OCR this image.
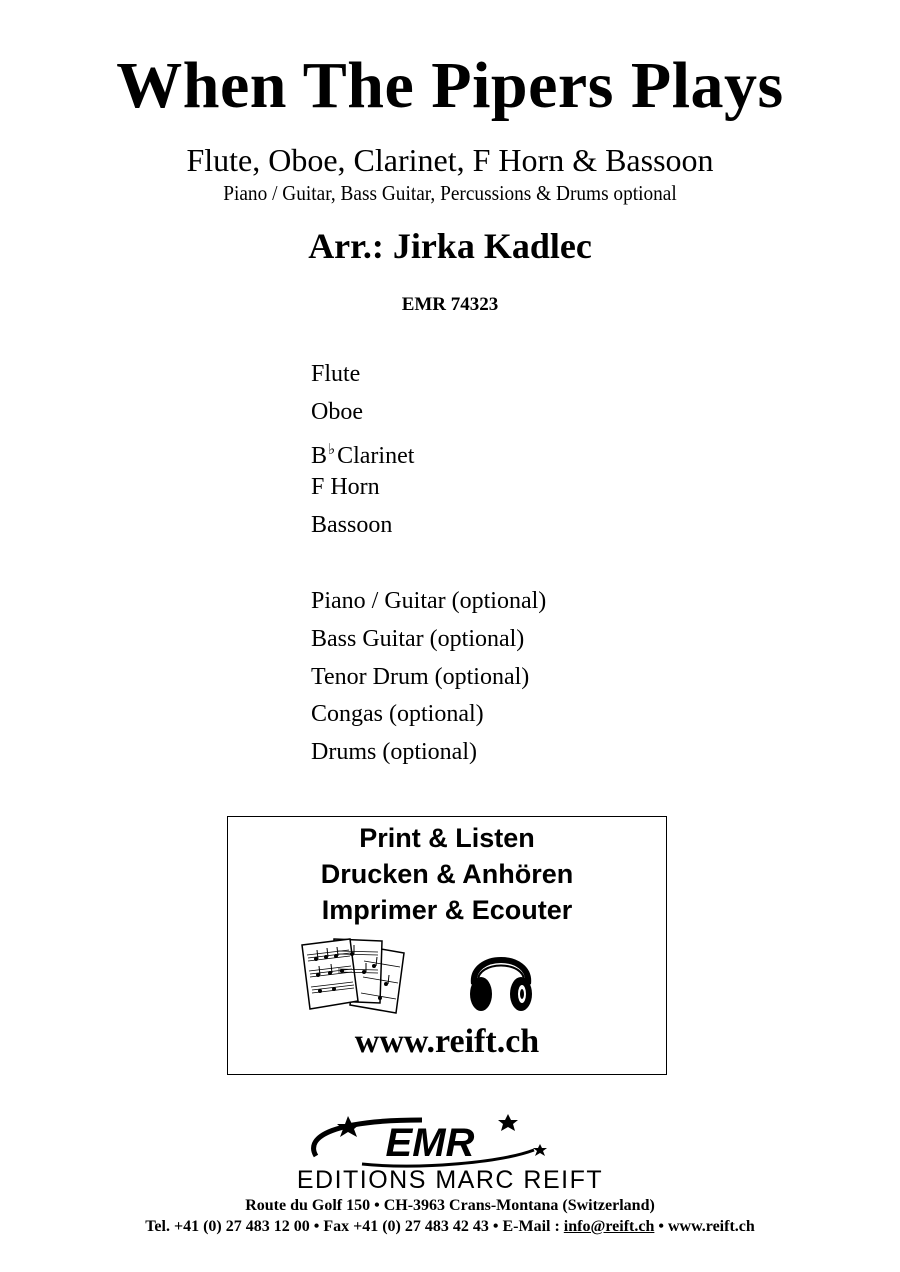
When The Pipers Plays
Flute, Oboe, Clarinet, F Horn & Bassoon
Piano / Guitar, Bass Guitar, Percussions & Drums optional
Arr.: Jirka Kadlec
EMR 74323
Flute
Oboe
B♭Clarinet
F Horn
Bassoon
Piano / Guitar (optional)
Bass Guitar (optional)
Tenor Drum (optional)
Congas (optional)
Drums (optional)
Print & Listen
Drucken & Anhören
Imprimer & Ecouter
www.reift.ch
EMR
EDITIONS MARC REIFT
Route du Golf 150 • CH-3963 Crans-Montana (Switzerland)
Tel. +41 (0) 27 483 12 00 • Fax +41 (0) 27 483 42 43 • E-Mail : info@reift.ch • www.reift.ch
